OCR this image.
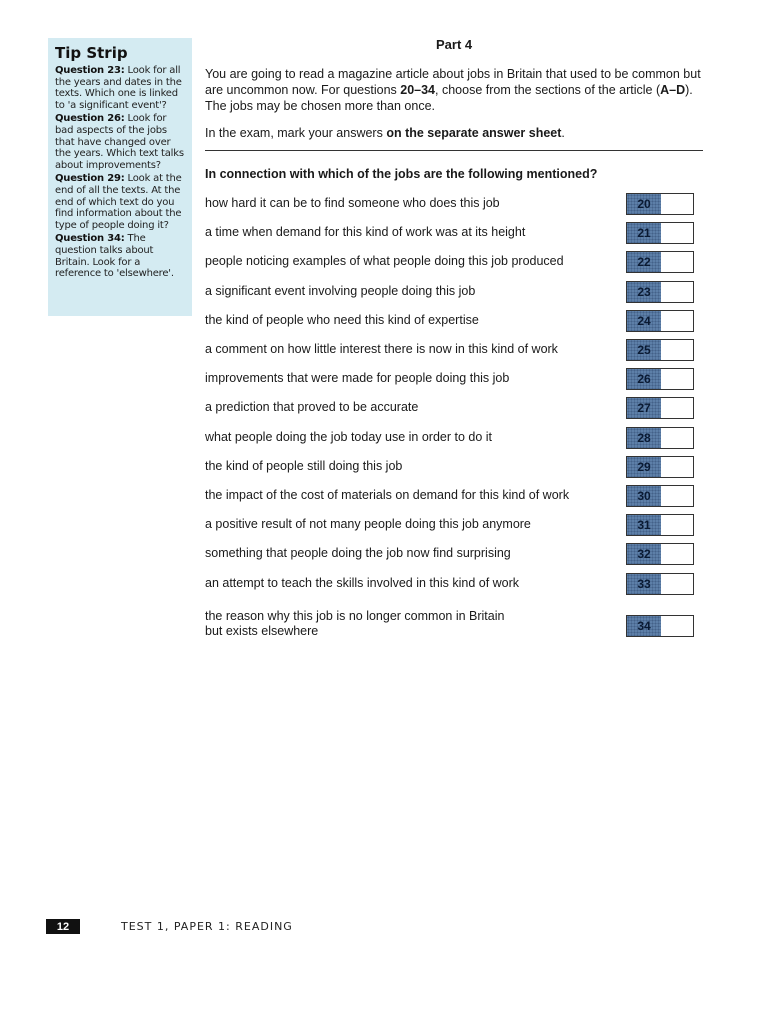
Tip Strip
Question 23: Look for all the years and dates in the texts. Which one is linked to 'a significant event'?
Question 26: Look for bad aspects of the jobs that have changed over the years. Which text talks about improvements?
Question 29: Look at the end of all the texts. At the end of which text do you find information about the type of people doing it?
Question 34: The question talks about Britain. Look for a reference to 'elsewhere'.
Part 4
You are going to read a magazine article about jobs in Britain that used to be common but are uncommon now. For questions 20–34, choose from the sections of the article (A–D). The jobs may be chosen more than once.
In the exam, mark your answers on the separate answer sheet.
In connection with which of the jobs are the following mentioned?
how hard it can be to find someone who does this job	20
a time when demand for this kind of work was at its height	21
people noticing examples of what people doing this job produced	22
a significant event involving people doing this job	23
the kind of people who need this kind of expertise	24
a comment on how little interest there is now in this kind of work	25
improvements that were made for people doing this job	26
a prediction that proved to be accurate	27
what people doing the job today use in order to do it	28
the kind of people still doing this job	29
the impact of the cost of materials on demand for this kind of work	30
a positive result of not many people doing this job anymore	31
something that people doing the job now find surprising	32
an attempt to teach the skills involved in this kind of work	33
the reason why this job is no longer common in Britain but exists elsewhere	34
12	TEST 1, PAPER 1: READING
